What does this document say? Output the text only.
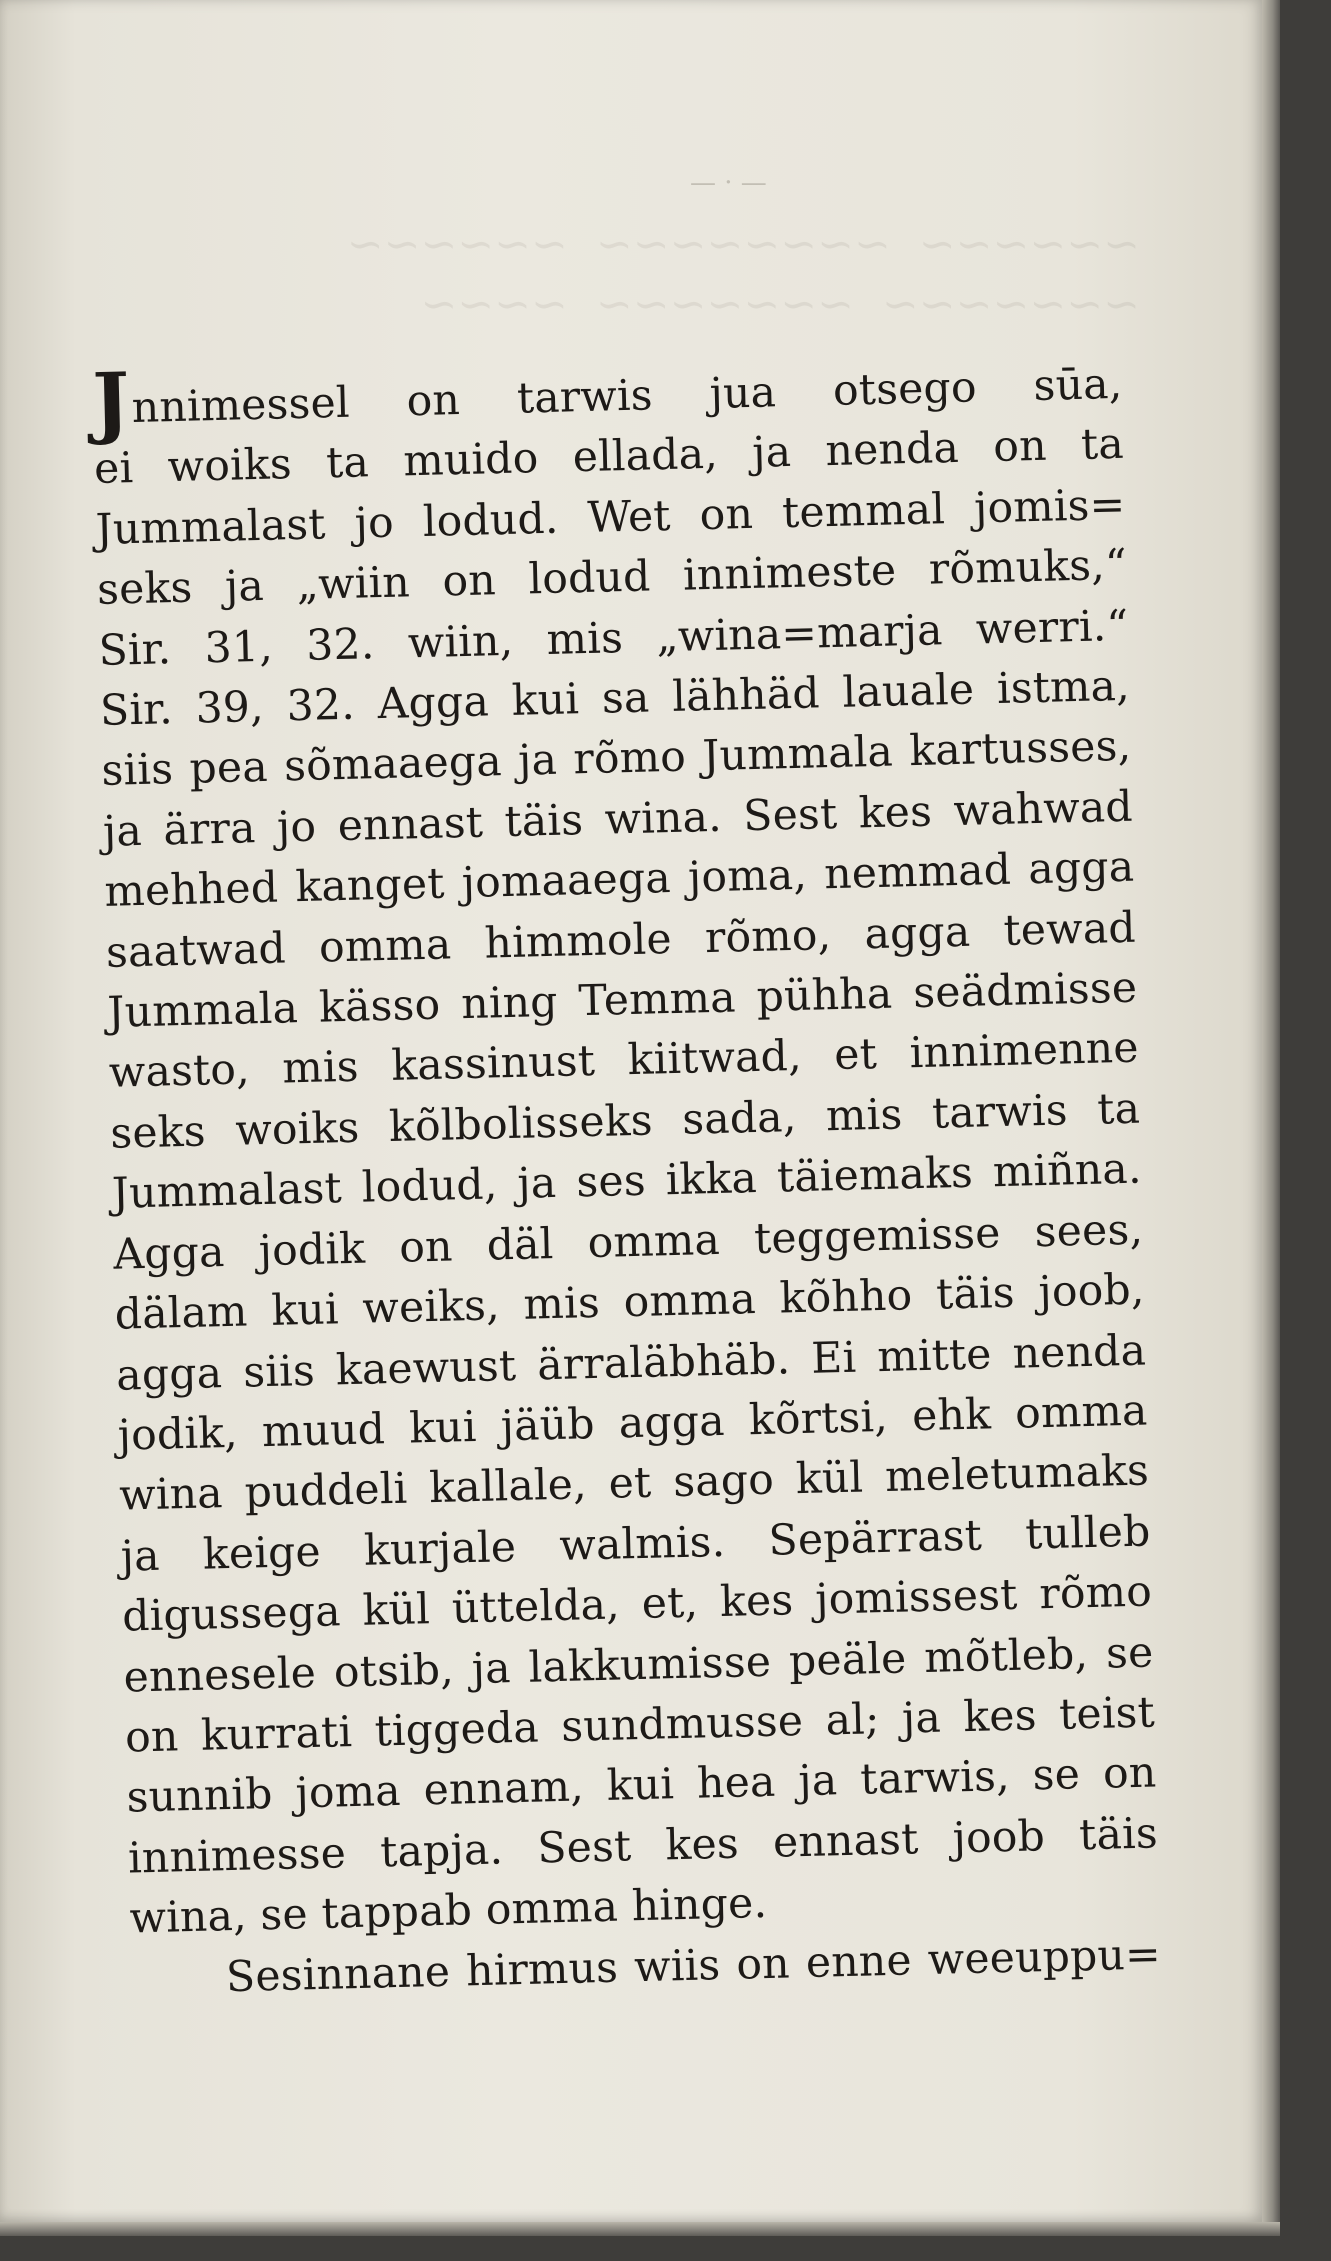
— · —
~~~~~~  ~~~~~~~~  ~~~~~~
~~~~~~~  ~~~~~~~  ~~~~
Jnnimessel on tarwis jua otsego sūa,
ei woiks ta muido ellada, ja nenda on ta
Jummalast jo lodud. Wet on temmal jomis=
seks ja „wiin on lodud innimeste rõmuks,“
Sir. 31, 32. wiin, mis „wina=marja werri.“
Sir. 39, 32. Agga kui sa lähhäd lauale istma,
siis pea sõmaaega ja rõmo Jummala kartusses,
ja ärra jo ennast täis wina. Sest kes wahwad
mehhed kanget jomaaega joma, nemmad agga
saatwad omma himmole rõmo, agga tewad
Jummala kässo ning Temma pühha seädmisse
wasto, mis kassinust kiitwad, et innimenne
seks woiks kõlbolisseks sada, mis tarwis ta
Jummalast lodud, ja ses ikka täiemaks miñna.
Agga jodik on däl omma teggemisse sees,
dälam kui weiks, mis omma kõhho täis joob,
agga siis kaewust ärraläbhäb. Ei mitte nenda
jodik, muud kui jäüb agga kõrtsi, ehk omma
wina puddeli kallale, et sago kül meletumaks
ja keige kurjale walmis. Sepärrast tulleb
digussega kül üttelda, et, kes jomissest rõmo
ennesele otsib, ja lakkumisse peäle mõtleb, se
on kurrati tiggeda sundmusse al; ja kes teist
sunnib joma ennam, kui hea ja tarwis, se on
innimesse tapja. Sest kes ennast joob täis
wina, se tappab omma hinge.
Sesinnane hirmus wiis on enne weeuppu=
